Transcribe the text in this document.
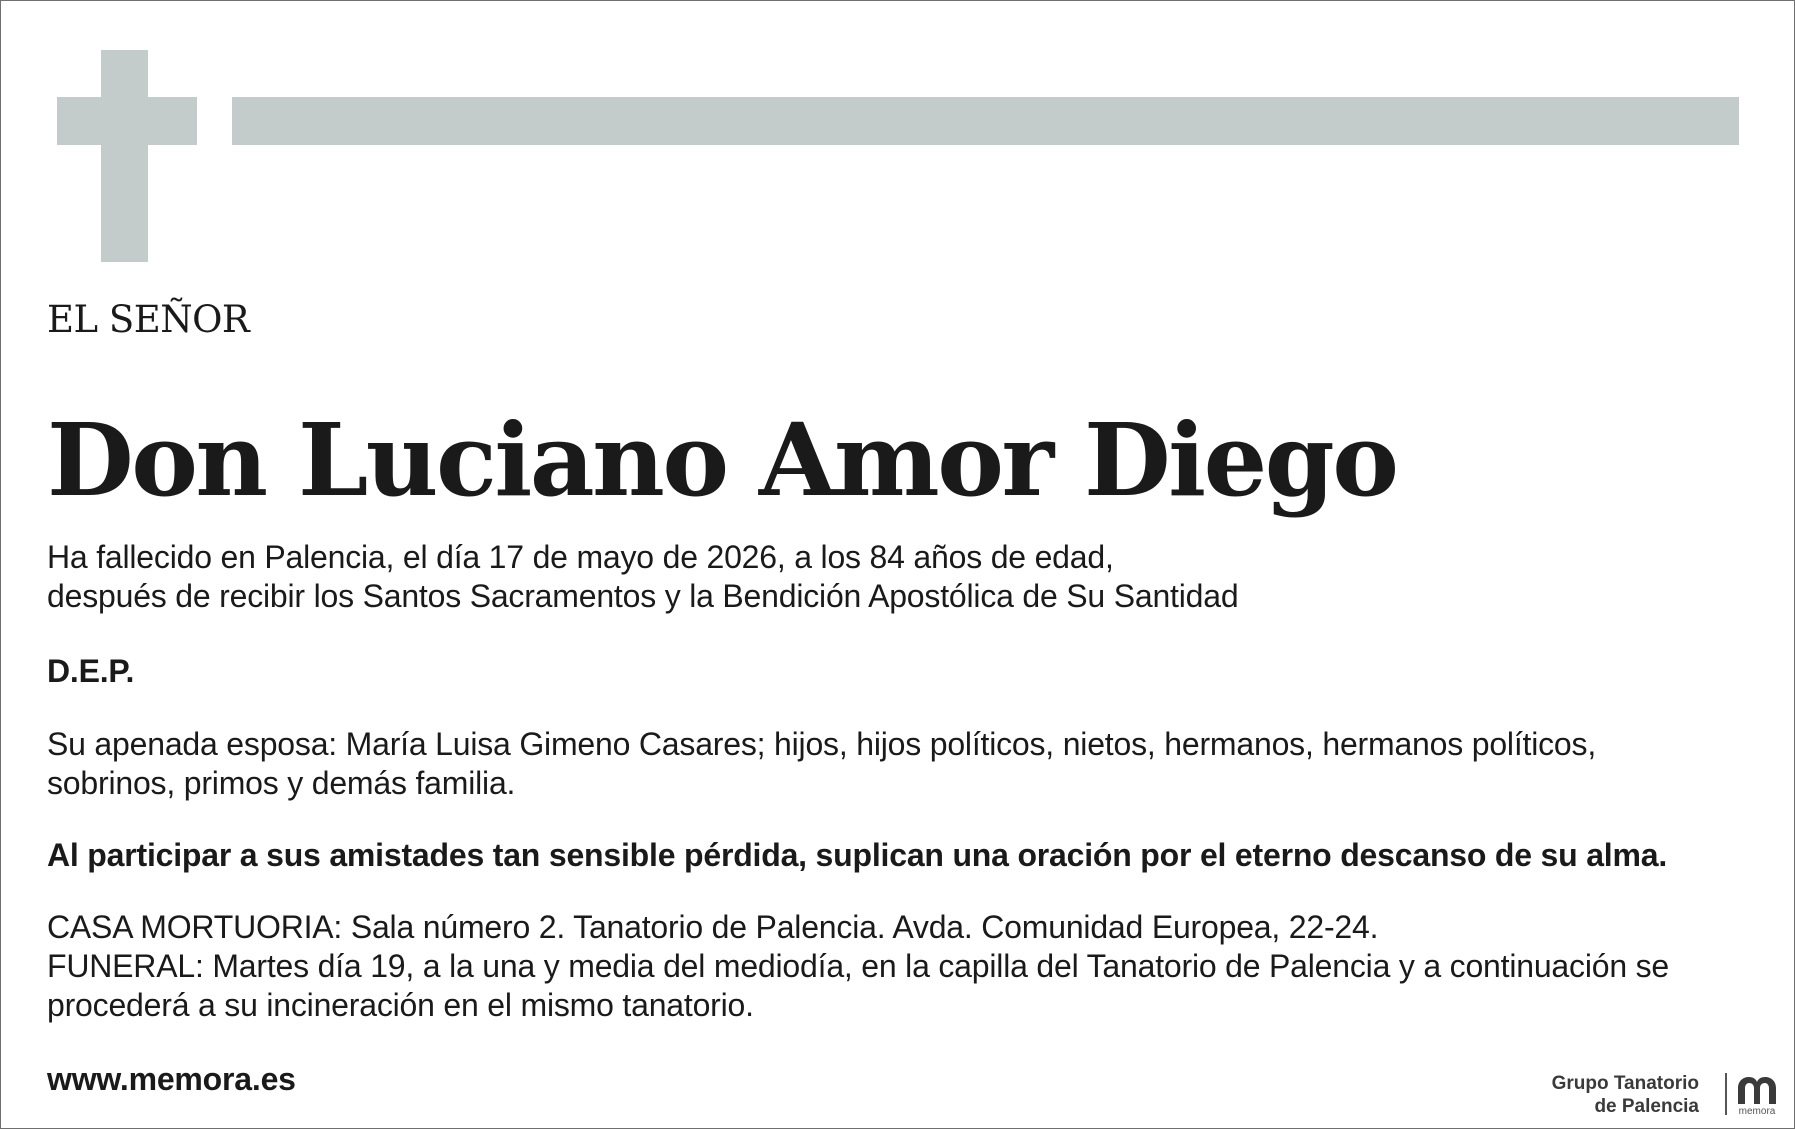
EL SEÑOR

Don Luciano Amor Diego

Ha fallecido en Palencia, el día 17 de mayo de 2026, a los 84 años de edad,
después de recibir los Santos Sacramentos y la Bendición Apostólica de Su Santidad

D.E.P.

Su apenada esposa: María Luisa Gimeno Casares; hijos, hijos políticos, nietos, hermanos, hermanos políticos,
sobrinos, primos y demás familia.

Al participar a sus amistades tan sensible pérdida, suplican una oración por el eterno descanso de su alma.

CASA MORTUORIA: Sala número 2. Tanatorio de Palencia. Avda. Comunidad Europea, 22-24.
FUNERAL: Martes día 19, a la una y media del mediodía, en la capilla del Tanatorio de Palencia y a continuación se
procederá a su incineración en el mismo tanatorio.

www.memora.es	Grupo Tanatorio
de Palencia	memora
